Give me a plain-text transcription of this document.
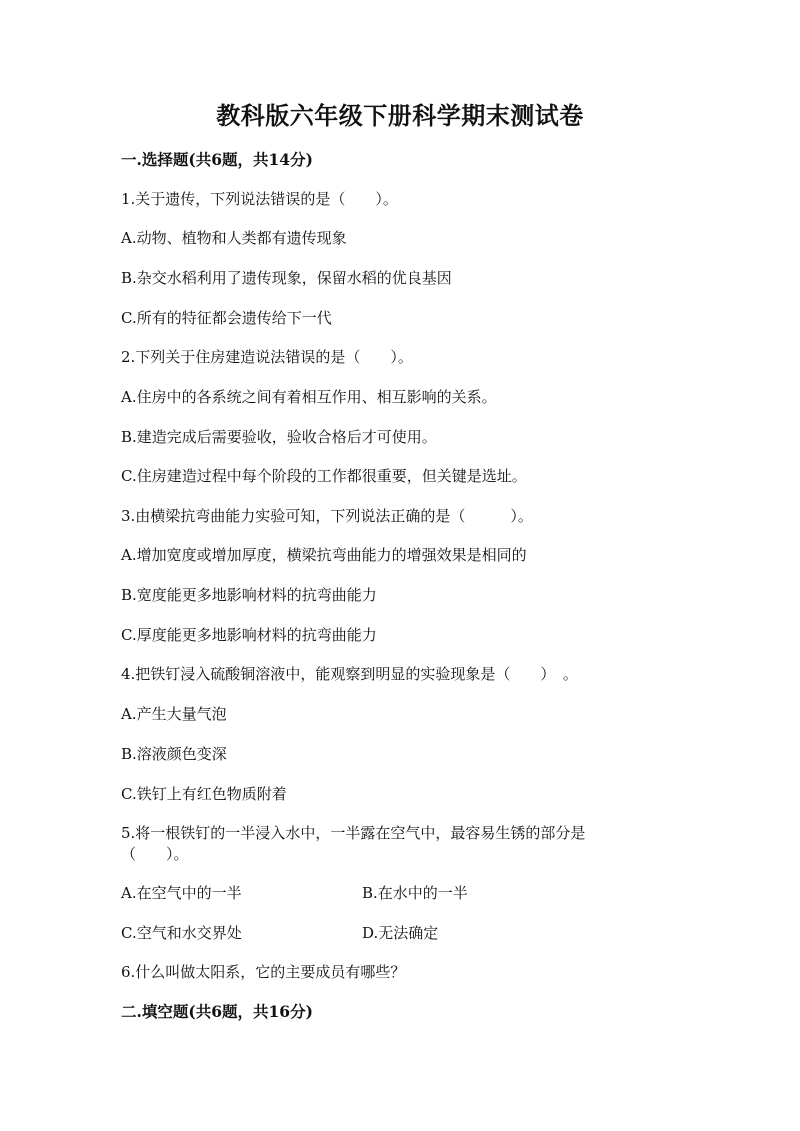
教科版六年级下册科学期末测试卷
一.选择题(共6题，共14分)
1.关于遗传，下列说法错误的是（　　）。
A.动物、植物和人类都有遗传现象
B.杂交水稻利用了遗传现象，保留水稻的优良基因
C.所有的特征都会遗传给下一代
2.下列关于住房建造说法错误的是（　　）。
A.住房中的各系统之间有着相互作用、相互影响的关系。
B.建造完成后需要验收，验收合格后才可使用。
C.住房建造过程中每个阶段的工作都很重要，但关键是选址。
3.由横梁抗弯曲能力实验可知，下列说法正确的是（　　　）。
A.增加宽度或增加厚度，横梁抗弯曲能力的增强效果是相同的
B.宽度能更多地影响材料的抗弯曲能力
C.厚度能更多地影响材料的抗弯曲能力
4.把铁钉浸入硫酸铜溶液中，能观察到明显的实验现象是（　　）　。
A.产生大量气泡
B.溶液颜色变深
C.铁钉上有红色物质附着
5.将一根铁钉的一半浸入水中，一半露在空气中，最容易生锈的部分是
（　　）。
A.在空气中的一半	B.在水中的一半
C.空气和水交界处	D.无法确定
6.什么叫做太阳系，它的主要成员有哪些？
二.填空题(共6题，共16分)
